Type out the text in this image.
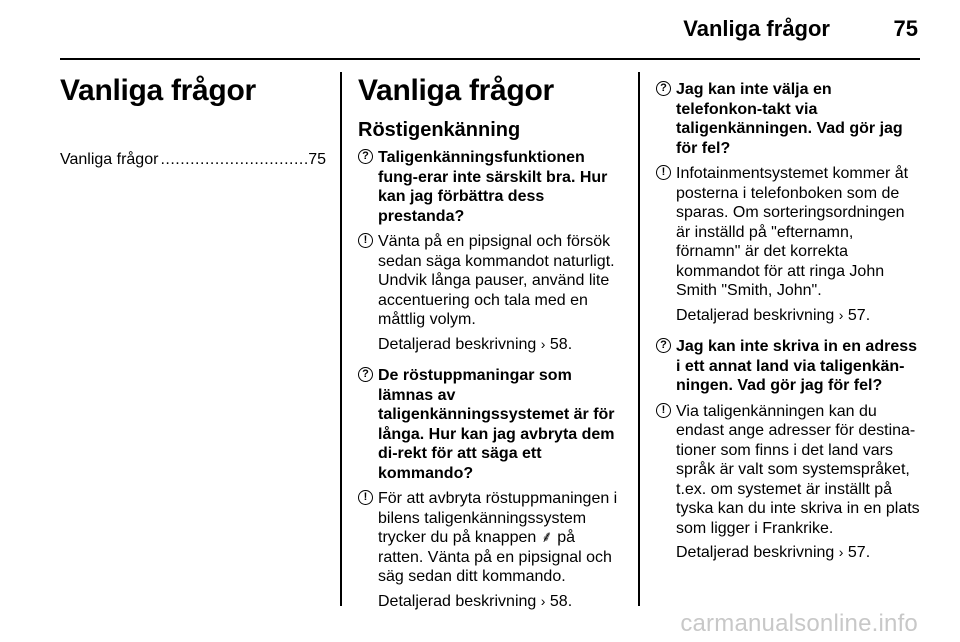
Vanliga frågor	75
Vanliga frågor
Vanliga frågor
.....	75
Vanliga frågor
Röstigenkänning
? Taligenkänningsfunktionen fung-erar inte särskilt bra. Hur kan jag förbättra dess prestanda?
! Vänta på en pipsignal och försök sedan säga kommandot naturligt. Undvik långa pauser, använd lite accentuering och tala med en måttlig volym.
Detaljerad beskrivning › 58.
? De röstuppmaningar som lämnas av taligenkänningssystemet är för långa. Hur kan jag avbryta dem di-rekt för att säga ett kommando?
! För att avbryta röstuppmaningen i bilens taligenkänningssystem trycker du på knappen ⸙ på ratten. Vänta på en pipsignal och säg sedan ditt kommando.
Detaljerad beskrivning › 58.
? Jag kan inte välja en telefonkon-takt via taligenkänningen. Vad gör jag för fel?
! Infotainmentsystemet kommer åt posterna i telefonboken som de sparas. Om sorteringsordningen är inställd på "efternamn, förnamn" är det korrekta kommandot för att ringa John Smith "Smith, John".
Detaljerad beskrivning › 57.
? Jag kan inte skriva in en adress i ett annat land via taligenkän-ningen. Vad gör jag för fel?
! Via taligenkänningen kan du endast ange adresser för destina-tioner som finns i det land vars språk är valt som systemspråket, t.ex. om systemet är inställt på tyska kan du inte skriva in en plats som ligger i Frankrike.
Detaljerad beskrivning › 57.
carmanualsonline.info
